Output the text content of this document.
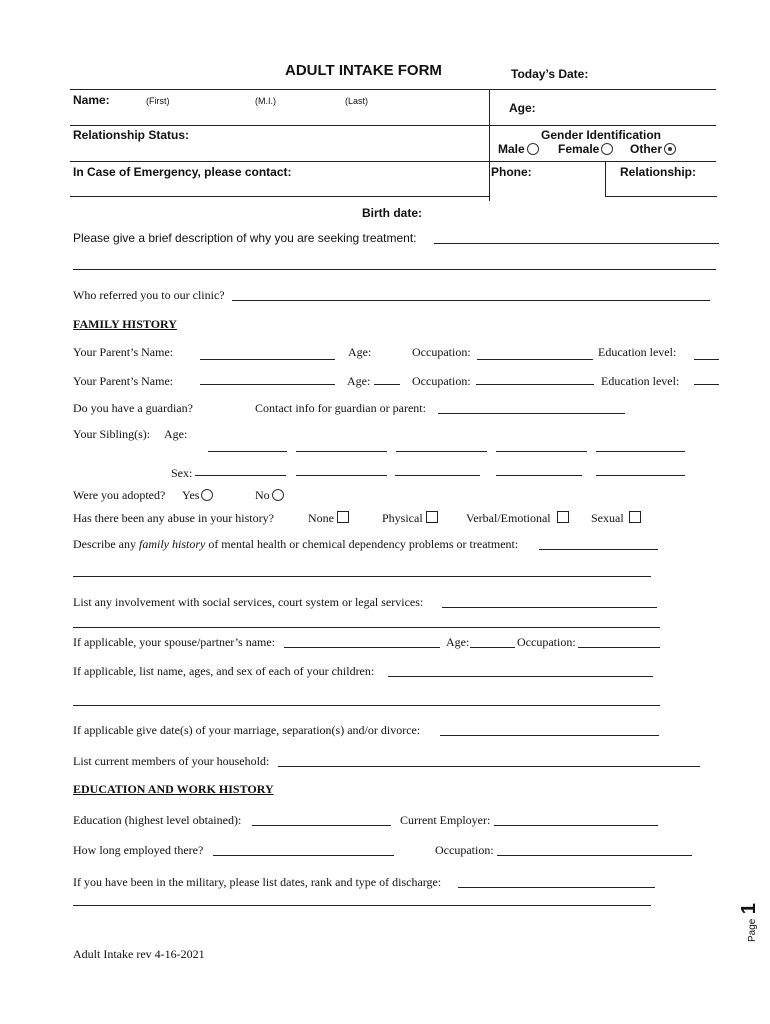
ADULT INTAKE FORM	Today’s Date:
Name:	(First)	(M.I.)	(Last)	Age:
Relationship Status:	Gender Identification
Male	Female	Other
In Case of Emergency, please contact:	Phone:	Relationship:
Birth date:
Please give a brief description of why you are seeking treatment:
Who referred you to our clinic?
FAMILY HISTORY
Your Parent’s Name:	Age:	Occupation:	Education level:
Your Parent’s Name:	Age:	Occupation:	Education level:
Do you have a guardian?	Contact info for guardian or parent:
Your Sibling(s): Age:
Sex:
Were you adopted? Yes	No
Has there been any abuse in your history?	None	Physical	Verbal/Emotional	Sexual
Describe any family history of mental health or chemical dependency problems or treatment:
List any involvement with social services, court system or legal services:
If applicable, your spouse/partner’s name:	Age:	Occupation:
If applicable, list name, ages, and sex of each of your children:
If applicable give date(s) of your marriage, separation(s) and/or divorce:
List current members of your household:
EDUCATION AND WORK HISTORY
Education (highest level obtained):	Current Employer:
How long employed there?	Occupation:
If you have been in the military, please list dates, rank and type of discharge:
Adult Intake rev 4-16-2021
Page 1
